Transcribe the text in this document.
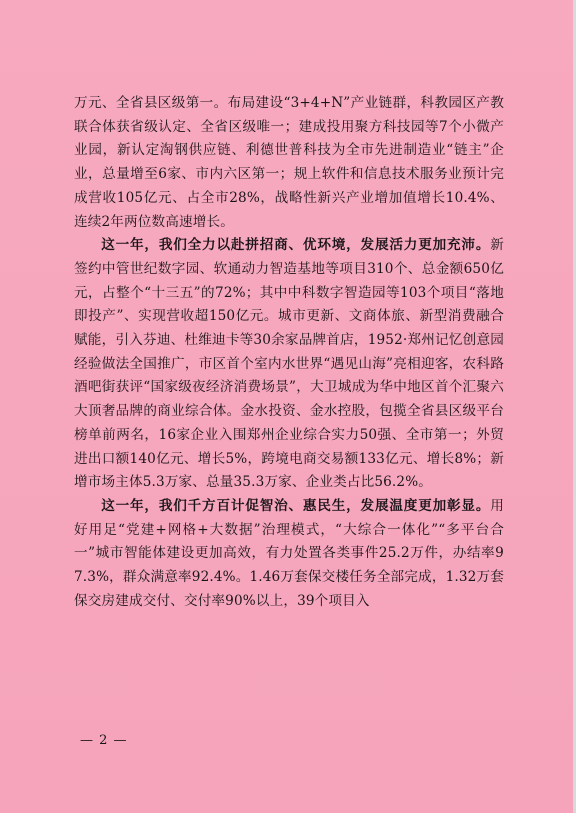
万元、全省县区级第一。布局建设“3+4+N”产业链群，科教园区产教联合体获省级认定、全省区级唯一；建成投用聚方科技园等7个小微产业园，新认定淘钢供应链、利德世普科技为全市先进制造业“链主”企业，总量增至6家、市内六区第一；规上软件和信息技术服务业预计完成营收105亿元、占全市28%，战略性新兴产业增加值增长10.4%、连续2年两位数高速增长。

这一年，我们全力以赴拼招商、优环境，发展活力更加充沛。新签约中管世纪数字园、软通动力智造基地等项目310个、总金额650亿元，占整个“十三五”的72%；其中中科数字智造园等103个项目“落地即投产”、实现营收超150亿元。城市更新、文商体旅、新型消费融合赋能，引入芬迪、杜维迪卡等30余家品牌首店，1952·郑州记忆创意园经验做法全国推广，市区首个室内水世界“遇见山海”亮相迎客，农科路酒吧街获评“国家级夜经济消费场景”，大卫城成为华中地区首个汇聚六大顶奢品牌的商业综合体。金水投资、金水控股，包揽全省县区级平台榜单前两名，16家企业入围郑州企业综合实力50强、全市第一；外贸进出口额140亿元、增长5%，跨境电商交易额133亿元、增长8%；新增市场主体5.3万家、总量35.3万家、企业类占比56.2%。

这一年，我们千方百计促智治、惠民生，发展温度更加彰显。用好用足“党建+网格+大数据”治理模式，“大综合一体化”“多平台合一”城市智能体建设更加高效，有力处置各类事件25.2万件，办结率97.3%，群众满意率92.4%。1.46万套保交楼任务全部完成，1.32万套保交房建成交付、交付率90%以上，39个项目入

— 2 —
